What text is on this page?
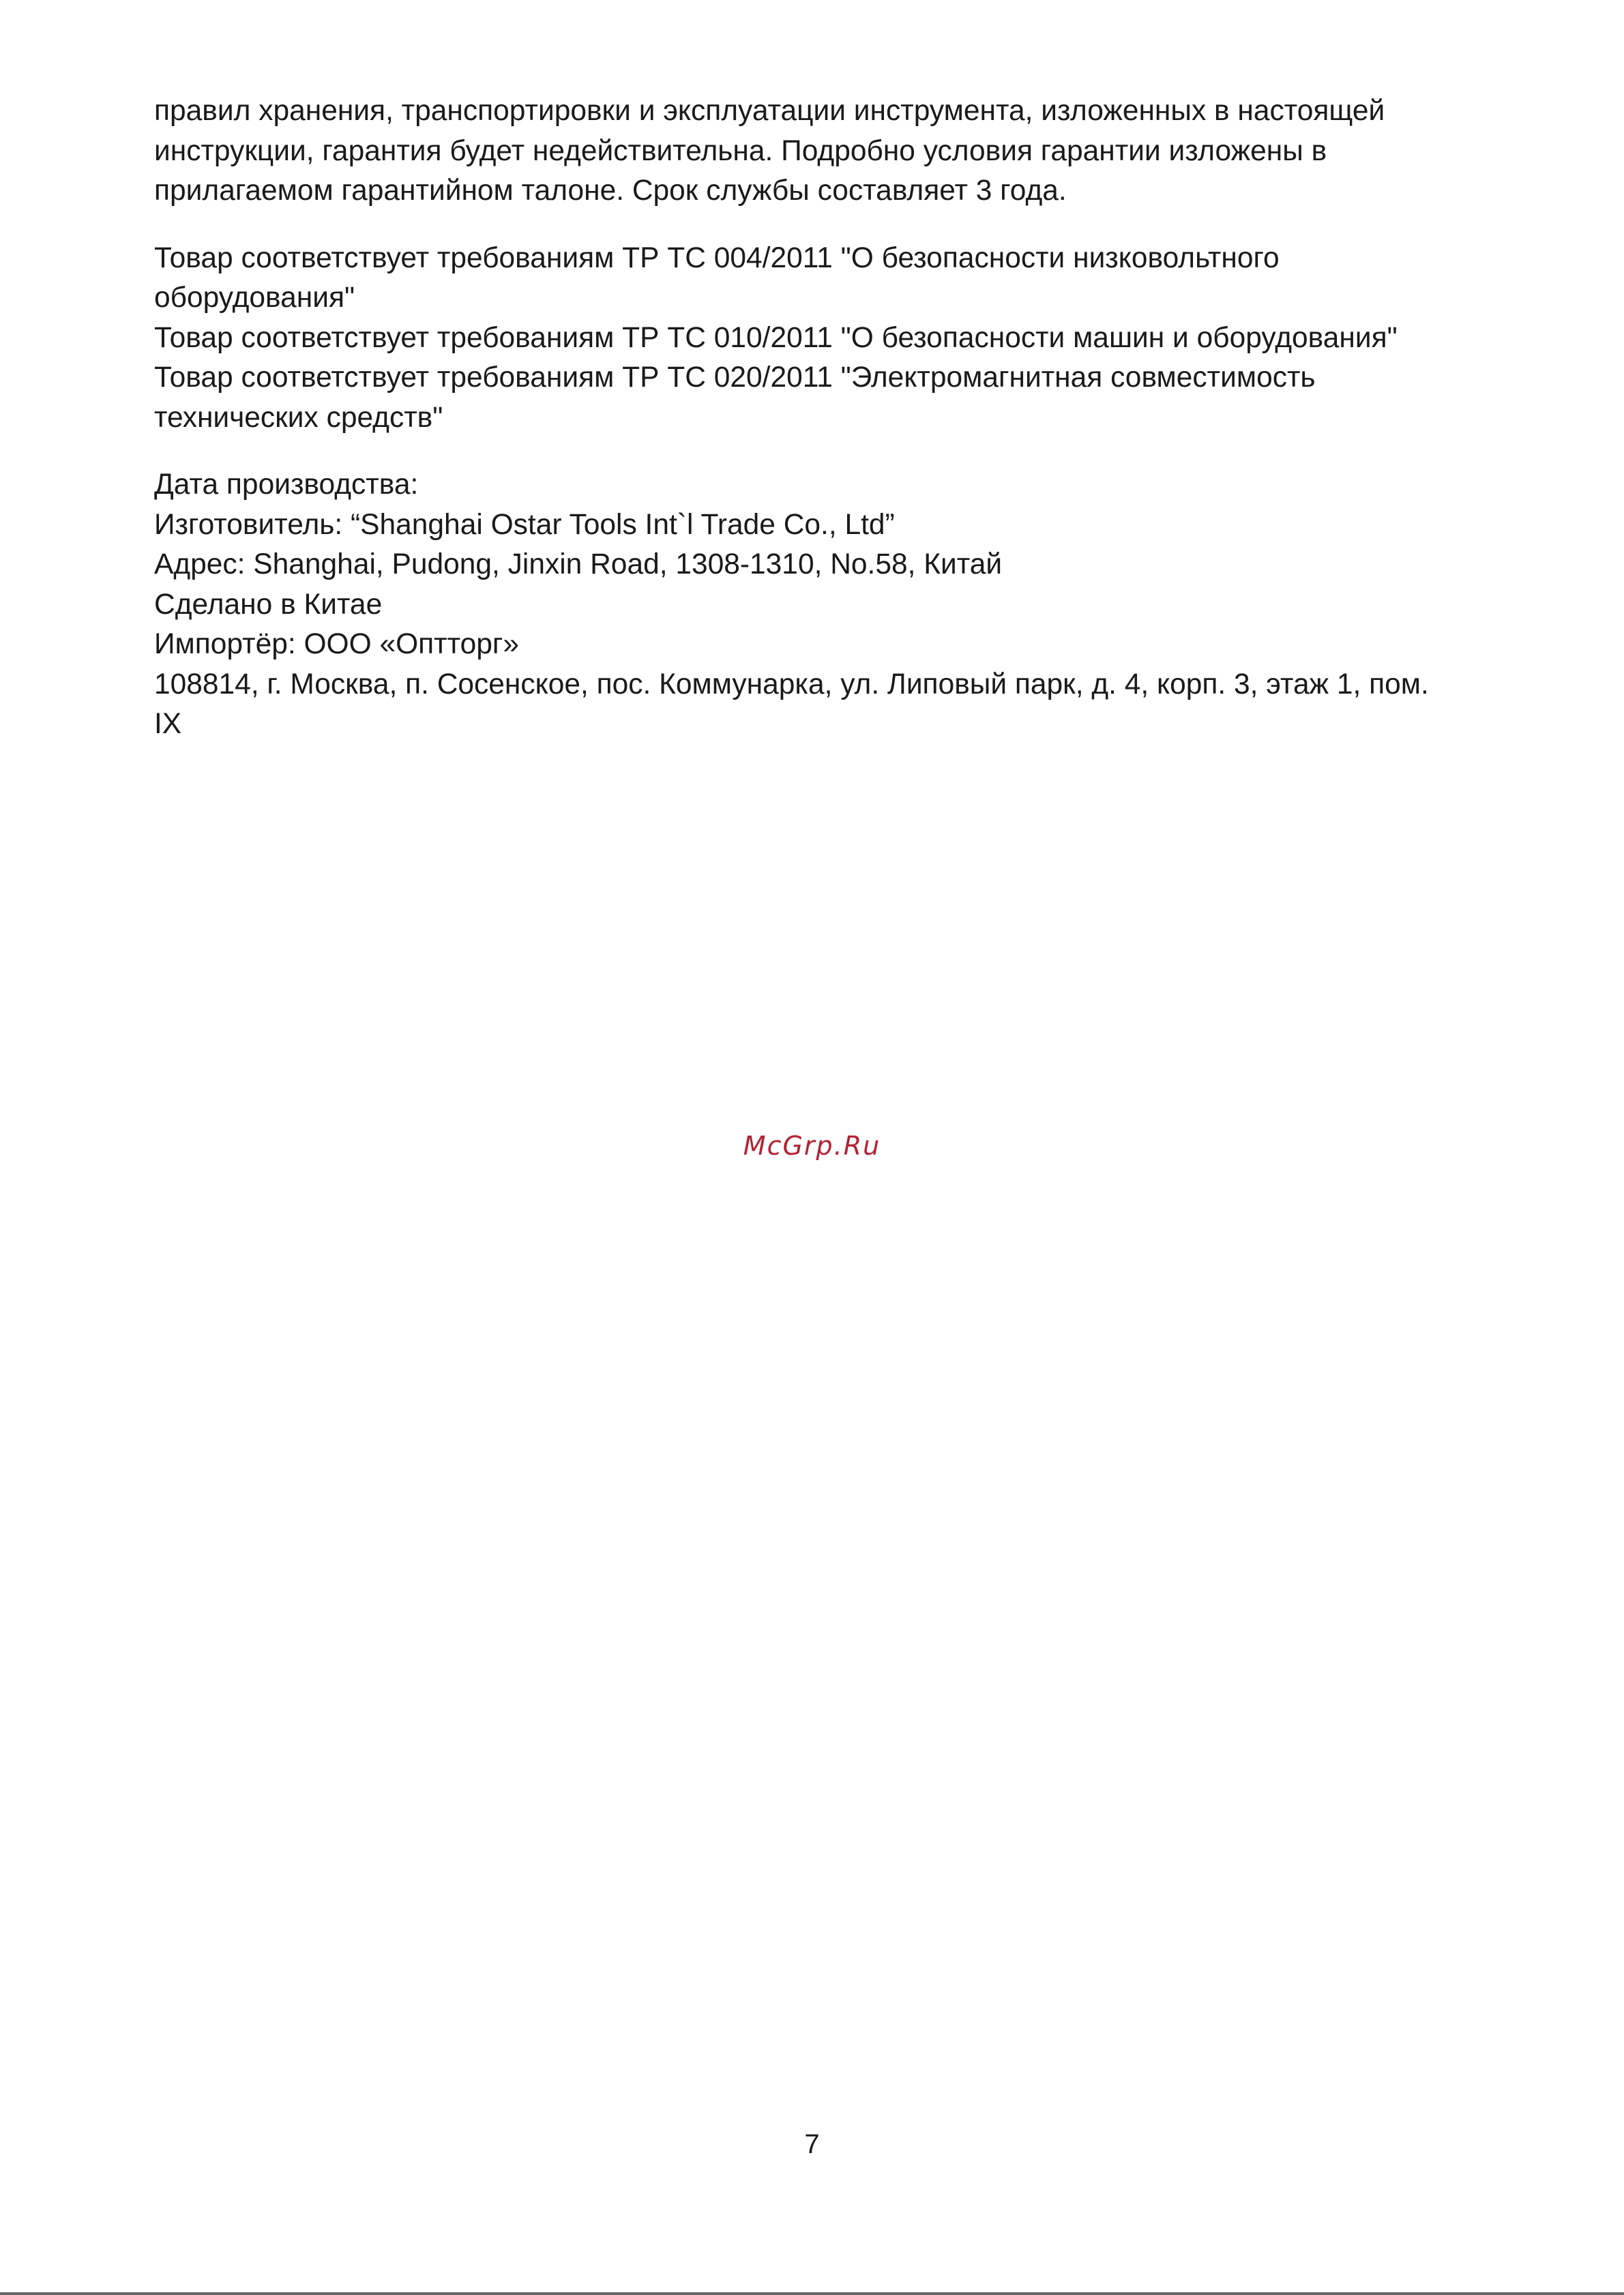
правил хранения, транспортировки и эксплуатации инструмента, изложенных в настоящей
инструкции, гарантия будет недействительна. Подробно условия гарантии изложены в
прилагаемом гарантийном талоне. Срок службы составляет 3 года.
Товар соответствует требованиям ТР ТС 004/2011 "О безопасности низковольтного
оборудования"
Товар соответствует требованиям ТР ТС 010/2011 "О безопасности машин и оборудования"
Товар соответствует требованиям ТР ТС 020/2011 "Электромагнитная совместимость
технических средств"
Дата производства:
Изготовитель: “Shanghai Ostar Tools Int`l Trade Co., Ltd”
Адрес: Shanghai, Pudong, Jinxin Road, 1308-1310, No.58, Китай
Сделано в Китае
Импортёр: ООО «Оптторг»
108814, г. Москва, п. Сосенское, пос. Коммунарка, ул. Липовый парк, д. 4, корп. 3, этаж 1, пом.
IX
McGrp.Ru
7
